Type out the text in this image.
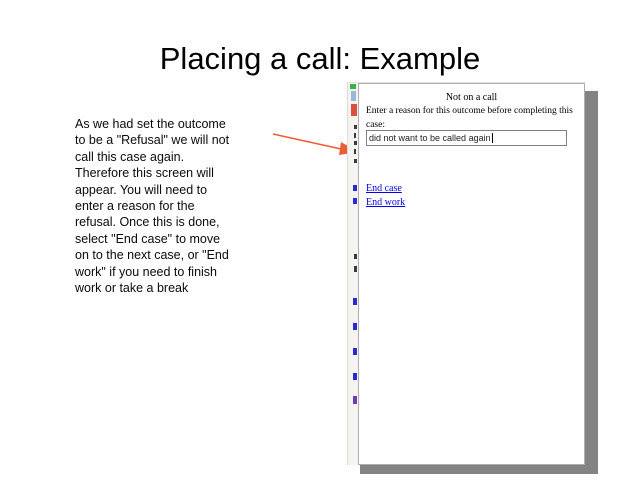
Placing a call: Example
As we had set the outcome
to be a "Refusal" we will not
call this case again.
Therefore this screen will
appear. You will need to
enter a reason for the
refusal. Once this is done,
select "End case" to move
on to the next case, or "End
work" if you need to finish
work or take a break
Not on a call
Enter a reason for this outcome before completing this
case:
did not want to be called again
End case
End work
